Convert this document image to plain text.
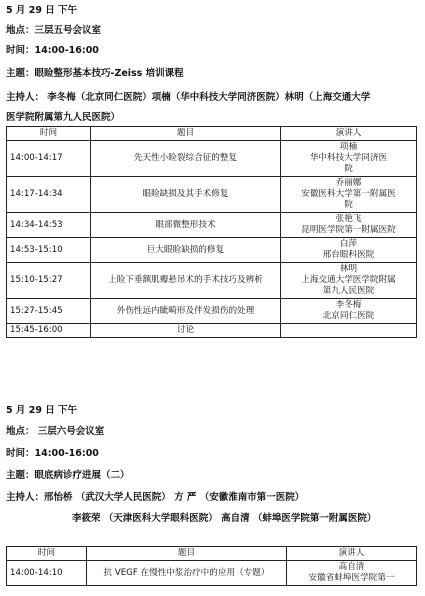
5 月 29 日 下午
地点：三层五号会议室
时间：14:00-16:00
主题：眼睑整形基本技巧-Zeiss 培训课程
主持人： 李冬梅（北京同仁医院）项楠（华中科技大学同济医院）林明（上海交通大学
医学院附属第九人民医院）
时间	题目	演讲人
14:00-14:17	先天性小睑裂综合征的整复	项楠
华中科技大学同济医
院

14:17-14:34	眼睑缺损及其手术修复	乔丽娜
安徽医科大学第一附属医
院

14:34-14:53	眼部微整形技术	张艳飞
昆明医学院第一附属医院

14:53-15:10	巨大眼睑缺损的修复	白萍
邢台眼科医院

15:10-15:27	上睑下垂额肌瓣悬吊术的手术技巧及辨析	林明
上海交通大学医学院附属
第九人民医院

15:27-15:45	外伤性远内眦畸形及伴发损伤的处理	李冬梅
北京同仁医院

15:45-16:00	讨论	
5 月 29 日 下午
地点： 三层六号会议室
时间：14:00-16:00
主题：眼底病诊疗进展（二）
主持人：邢怡桥 （武汉大学人民医院） 方 严 （安徽淮南市第一医院）
李筱荣 （天津医科大学眼科医院） 高自清 （蚌埠医学院第一附属医院）
时间	题目	演讲人
14:00-14:10	抗 VEGF 在慢性中浆治疗中的应用（专题）	高自清
安徽省蚌埠医学院第一
